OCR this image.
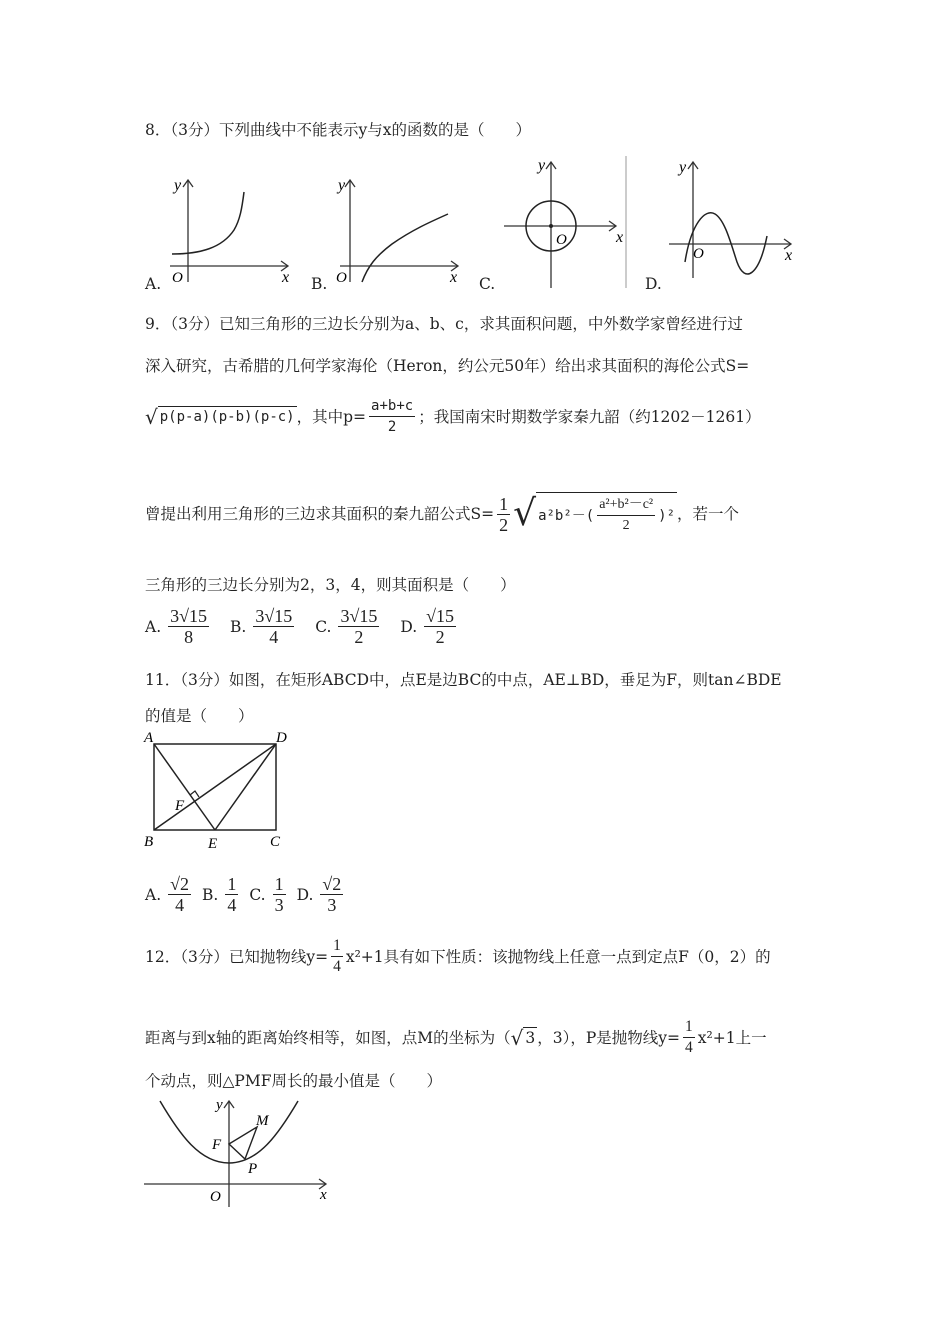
8．（3分）下列曲线中不能表示y与x的函数的是（　　）
y
x
O
A.
y
x
O
B.
y
x
O
C.
y
x
O
D.
9．（3分）已知三角形的三边长分别为a、b、c，求其面积问题，中外数学家曾经进行过
深入研究，古希腊的几何学家海伦（Heron，约公元50年）给出求其面积的海伦公式S=
√ p(p-a)(p-b)(p-c) ，其中$p= \frac{a+b+c}{2}$ ；我国南宋时期数学家秦九韶（约1202－1261）
曾提出利用三角形的三边求其面积的秦九韶公式$S= \frac{1}{2}$ √ $a^2b^2-( \frac{\text{a²+b²－c²}}{2} )^2$ ，若一个
三角形的三边长分别为2，3，4，则其面积是（　　）
A. $\frac{3√15}{8} B$. $\frac{3√15}{4} C$. $\frac{3√15}{2} D$. $\frac{√15}{2}$
11．（3分）如图，在矩形ABCD中，点E是边BC的中点，AE⊥BD，垂足为F，则tan∠BDE
的值是（　　）
A	D
B	C
E
F
A. $\frac{√2}{4} B$. $\frac{1}{4} C$. $\frac{1}{3} D$. $\frac{√2}{3}$
12．（3分）已知抛物线$y= \frac{1}{4} x^2+1$具有如下性质：该抛物线上任意一点到定点F（0，2）的
距离与到x轴的距离始终相等，如图，点M的坐标为（ √ 3 ，3），P是抛物线$y= \frac{1}{4} x^2+1$上一
个动点，则△PMF周长的最小值是（　　）
y
x
O
F
M
P
